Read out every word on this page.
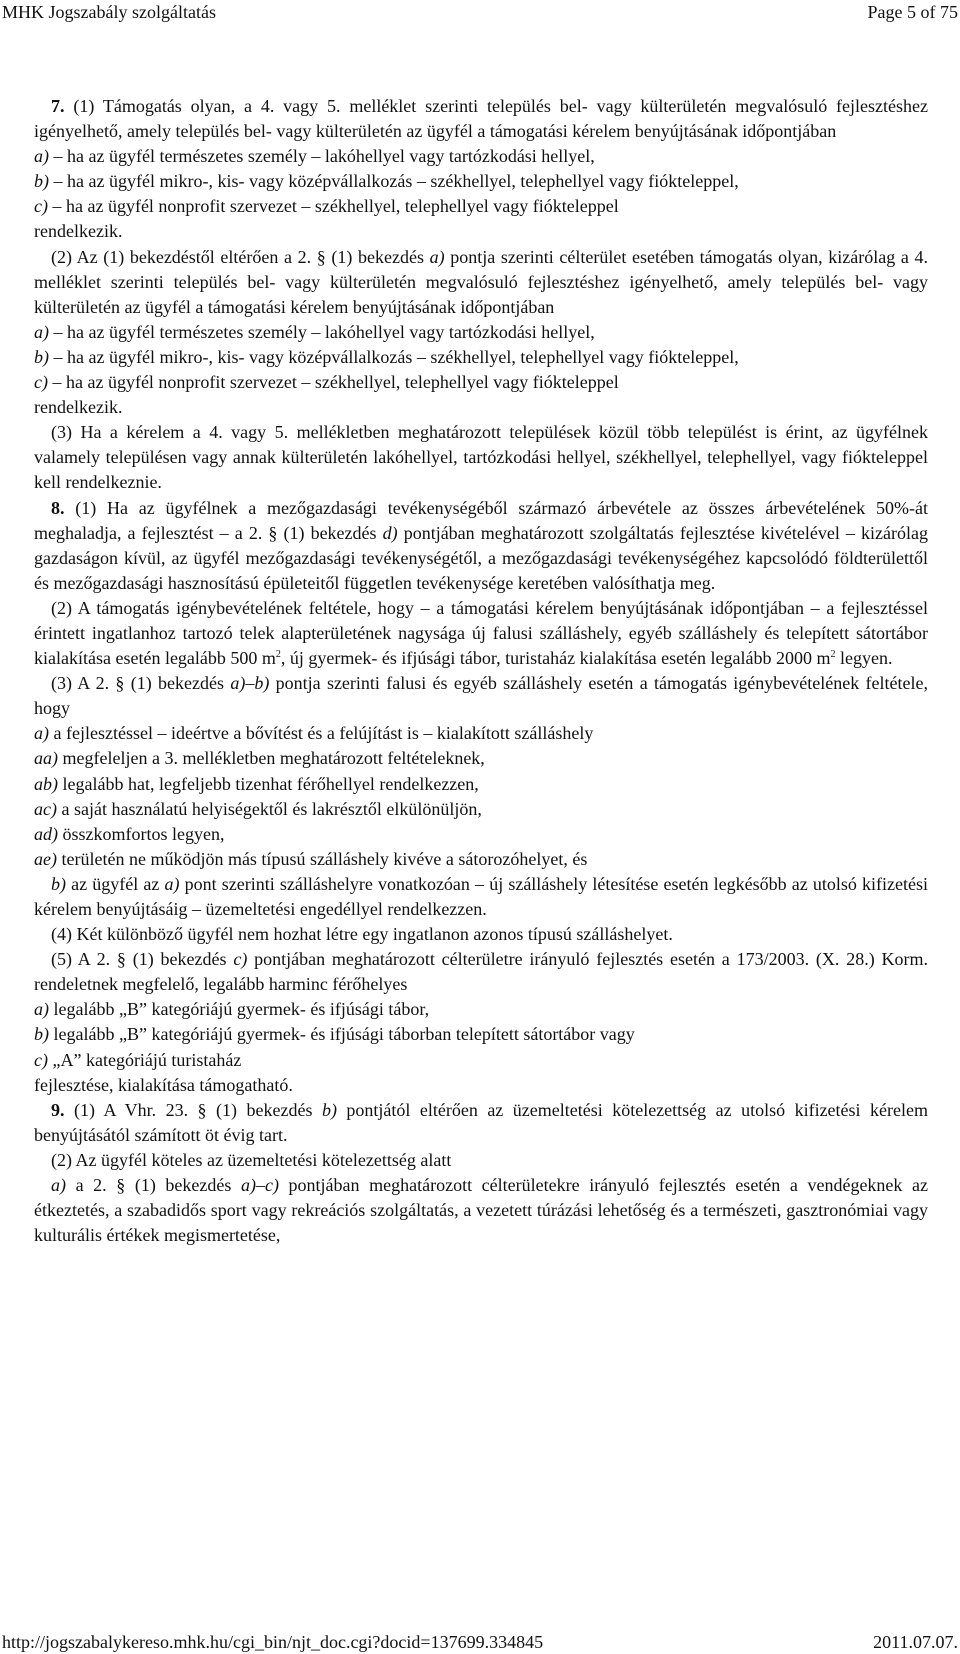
MHK Jogszabály szolgáltatás	Page 5 of 75

7. (1) Támogatás olyan, a 4. vagy 5. melléklet szerinti település bel- vagy külterületén megvalósuló fejlesztéshez igényelhető, amely település bel- vagy külterületén az ügyfél a támogatási kérelem benyújtásának időpontjában

a) – ha az ügyfél természetes személy – lakóhellyel vagy tartózkodási hellyel,

b) – ha az ügyfél mikro-, kis- vagy középvállalkozás – székhellyel, telephellyel vagy fiókteleppel,

c) – ha az ügyfél nonprofit szervezet – székhellyel, telephellyel vagy fiókteleppel

rendelkezik.

(2) Az (1) bekezdéstől eltérően a 2. § (1) bekezdés a) pontja szerinti célterület esetében támogatás olyan, kizárólag a 4. melléklet szerinti település bel- vagy külterületén megvalósuló fejlesztéshez igényelhető, amely település bel- vagy külterületén az ügyfél a támogatási kérelem benyújtásának időpontjában

a) – ha az ügyfél természetes személy – lakóhellyel vagy tartózkodási hellyel,

b) – ha az ügyfél mikro-, kis- vagy középvállalkozás – székhellyel, telephellyel vagy fiókteleppel,

c) – ha az ügyfél nonprofit szervezet – székhellyel, telephellyel vagy fiókteleppel

rendelkezik.

(3) Ha a kérelem a 4. vagy 5. mellékletben meghatározott települések közül több települést is érint, az ügyfélnek valamely településen vagy annak külterületén lakóhellyel, tartózkodási hellyel, székhellyel, telephellyel, vagy fiókteleppel kell rendelkeznie.

8. (1) Ha az ügyfélnek a mezőgazdasági tevékenységéből származó árbevétele az összes árbevételének 50%-át meghaladja, a fejlesztést – a 2. § (1) bekezdés d) pontjában meghatározott szolgáltatás fejlesztése kivételével – kizárólag gazdaságon kívül, az ügyfél mezőgazdasági tevékenységétől, a mezőgazdasági tevékenységéhez kapcsolódó földterülettől és mezőgazdasági hasznosítású épületeitől független tevékenysége keretében valósíthatja meg.

(2) A támogatás igénybevételének feltétele, hogy – a támogatási kérelem benyújtásának időpontjában – a fejlesztéssel érintett ingatlanhoz tartozó telek alapterületének nagysága új falusi szálláshely, egyéb szálláshely és telepített sátortábor kialakítása esetén legalább 500 $m^2$, új gyermek- és ifjúsági tábor, turistaház kialakítása esetén legalább 2000 $m^2$ legyen.

(3) A 2. § (1) bekezdés a)–b) pontja szerinti falusi és egyéb szálláshely esetén a támogatás igénybevételének feltétele, hogy

a) a fejlesztéssel – ideértve a bővítést és a felújítást is – kialakított szálláshely

aa) megfeleljen a 3. mellékletben meghatározott feltételeknek,

ab) legalább hat, legfeljebb tizenhat férőhellyel rendelkezzen,

ac) a saját használatú helyiségektől és lakrésztől elkülönüljön,

ad) összkomfortos legyen,

ae) területén ne működjön más típusú szálláshely kivéve a sátorozóhelyet, és

b) az ügyfél az a) pont szerinti szálláshelyre vonatkozóan – új szálláshely létesítése esetén legkésőbb az utolsó kifizetési kérelem benyújtásáig – üzemeltetési engedéllyel rendelkezzen.

(4) Két különböző ügyfél nem hozhat létre egy ingatlanon azonos típusú szálláshelyet.

(5) A 2. § (1) bekezdés c) pontjában meghatározott célterületre irányuló fejlesztés esetén a 173/2003. (X. 28.) Korm. rendeletnek megfelelő, legalább harminc férőhelyes

a) legalább „B” kategóriájú gyermek- és ifjúsági tábor,

b) legalább „B” kategóriájú gyermek- és ifjúsági táborban telepített sátortábor vagy

c) „A” kategóriájú turistaház

fejlesztése, kialakítása támogatható.

9. (1) A Vhr. 23. § (1) bekezdés b) pontjától eltérően az üzemeltetési kötelezettség az utolsó kifizetési kérelem benyújtásától számított öt évig tart.

(2) Az ügyfél köteles az üzemeltetési kötelezettség alatt

a) a 2. § (1) bekezdés a)–c) pontjában meghatározott célterületekre irányuló fejlesztés esetén a vendégeknek az étkeztetés, a szabadidős sport vagy rekreációs szolgáltatás, a vezetett túrázási lehetőség és a természeti, gasztronómiai vagy kulturális értékek megismertetése,

http://jogszabalykereso.mhk.hu/cgi_bin/njt_doc.cgi?docid=137699.334845	2011.07.07.
